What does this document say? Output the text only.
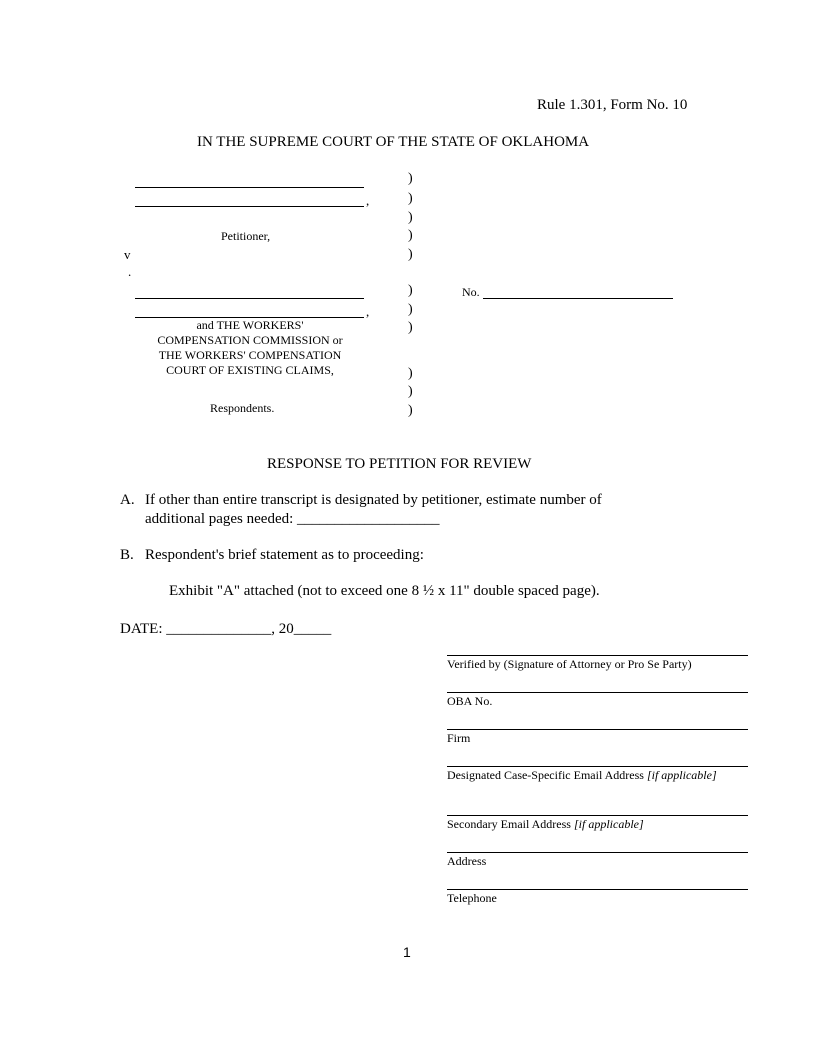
Rule 1.301, Form No. 10
IN THE SUPREME COURT OF THE STATE OF OKLAHOMA
,
Petitioner,
v
.
,
and THE WORKERS'
COMPENSATION COMMISSION or
THE WORKERS' COMPENSATION
COURT OF EXISTING CLAIMS,
Respondents.
)
)
)
)
)
)
)
)
)
)
)
No.
RESPONSE TO PETITION FOR REVIEW
A. If other than entire transcript is designated by petitioner, estimate number of
additional pages needed: ___________________
B. Respondent's brief statement as to proceeding:
Exhibit "A" attached (not to exceed one 8 ½ x 11" double spaced page).
DATE: ______________, 20_____
Verified by (Signature of Attorney or Pro Se Party)
OBA No.
Firm
Designated Case-Specific Email Address [if applicable]
Secondary Email Address [if applicable]
Address
Telephone
1
